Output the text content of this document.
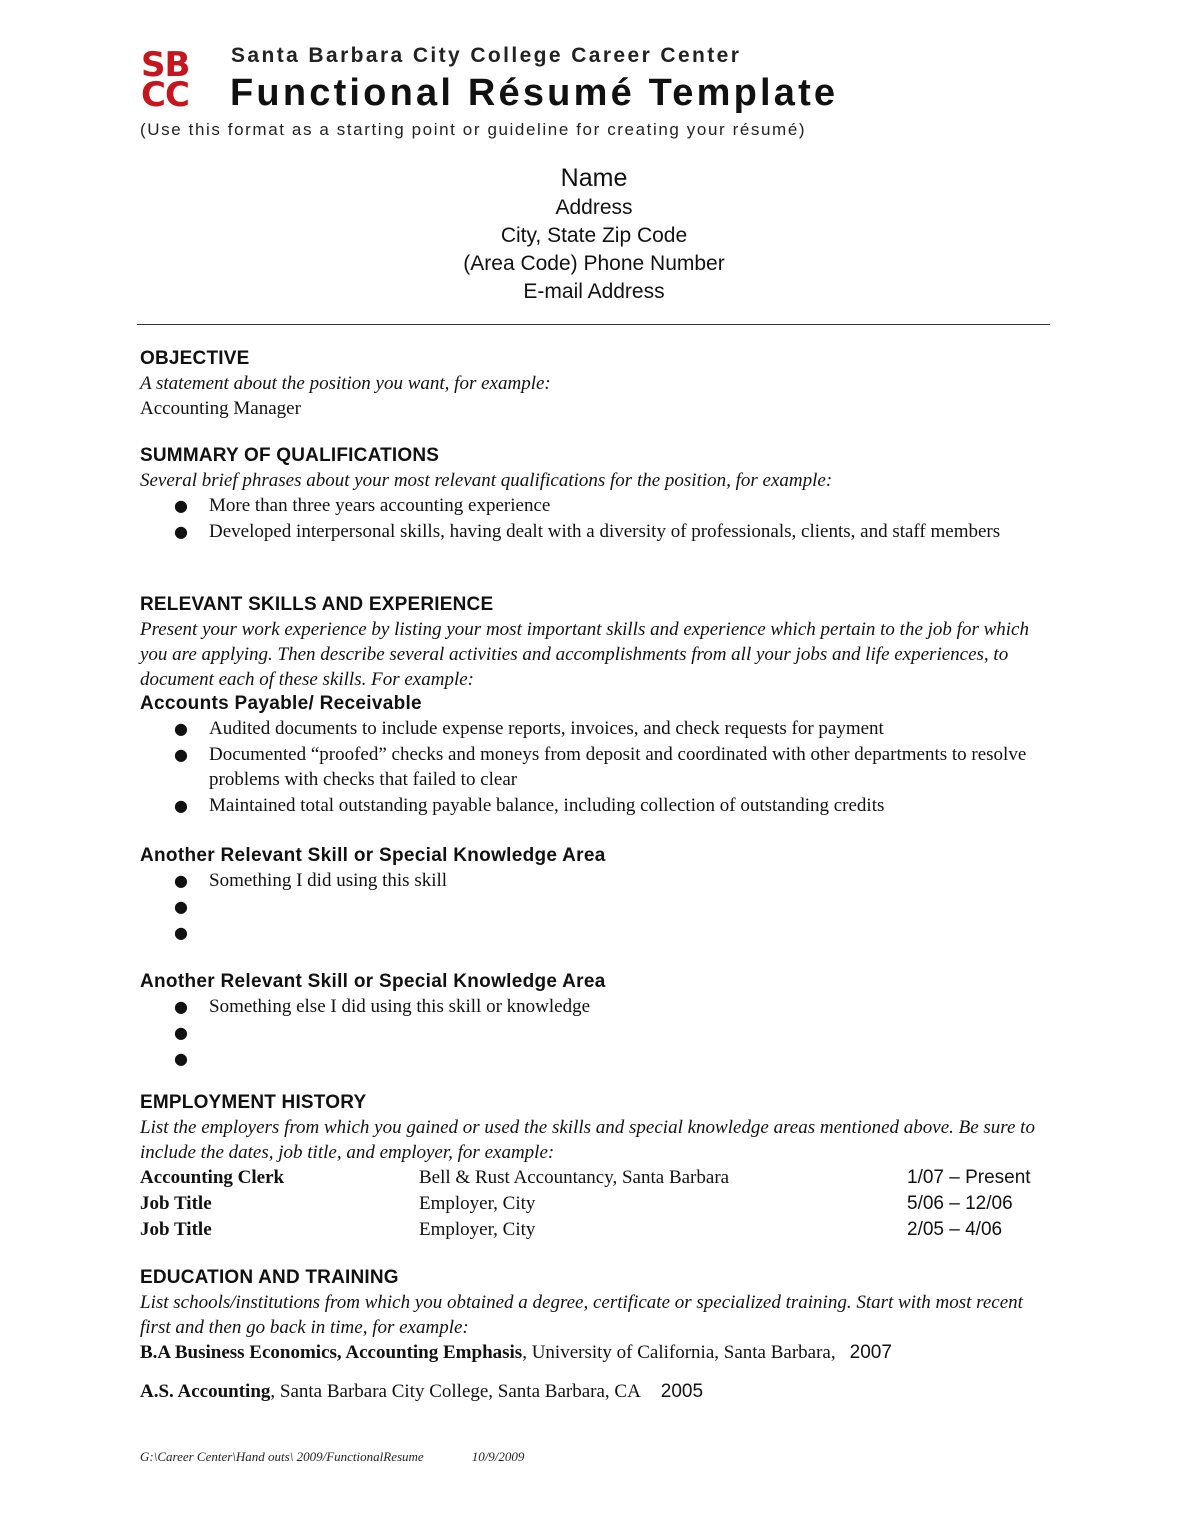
SB
CC
Santa Barbara City College Career Center
Functional Résumé Template
(Use this format as a starting point or guideline for creating your résumé)
Name
Address
City, State Zip Code
(Area Code) Phone Number
E-mail Address
OBJECTIVE
A statement about the position you want, for example:
Accounting Manager
SUMMARY OF QUALIFICATIONS
Several brief phrases about your most relevant qualifications for the position, for example:
● More than three years accounting experience
● Developed interpersonal skills, having dealt with a diversity of professionals, clients, and staff members
RELEVANT SKILLS AND EXPERIENCE
Present your work experience by listing your most important skills and experience which pertain to the job for which you are applying. Then describe several activities and accomplishments from all your jobs and life experiences, to document each of these skills. For example:
Accounts Payable/ Receivable
● Audited documents to include expense reports, invoices, and check requests for payment
● Documented “proofed” checks and moneys from deposit and coordinated with other departments to resolve problems with checks that failed to clear
● Maintained total outstanding payable balance, including collection of outstanding credits
Another Relevant Skill or Special Knowledge Area
● Something I did using this skill
●
●
Another Relevant Skill or Special Knowledge Area
● Something else I did using this skill or knowledge
●
●
EMPLOYMENT HISTORY
List the employers from which you gained or used the skills and special knowledge areas mentioned above. Be sure to include the dates, job title, and employer, for example:
Accounting Clerk	Bell & Rust Accountancy, Santa Barbara	1/07 – Present
Job Title	Employer, City	5/06 – 12/06
Job Title	Employer, City	2/05 – 4/06
EDUCATION AND TRAINING
List schools/institutions from which you obtained a degree, certificate or specialized training. Start with most recent first and then go back in time, for example:
B.A Business Economics, Accounting Emphasis, University of California, Santa Barbara, 2007
A.S. Accounting, Santa Barbara City College, Santa Barbara, CA 2005
G:\Career Center\Hand outs\ 2009/FunctionalResume	10/9/2009
